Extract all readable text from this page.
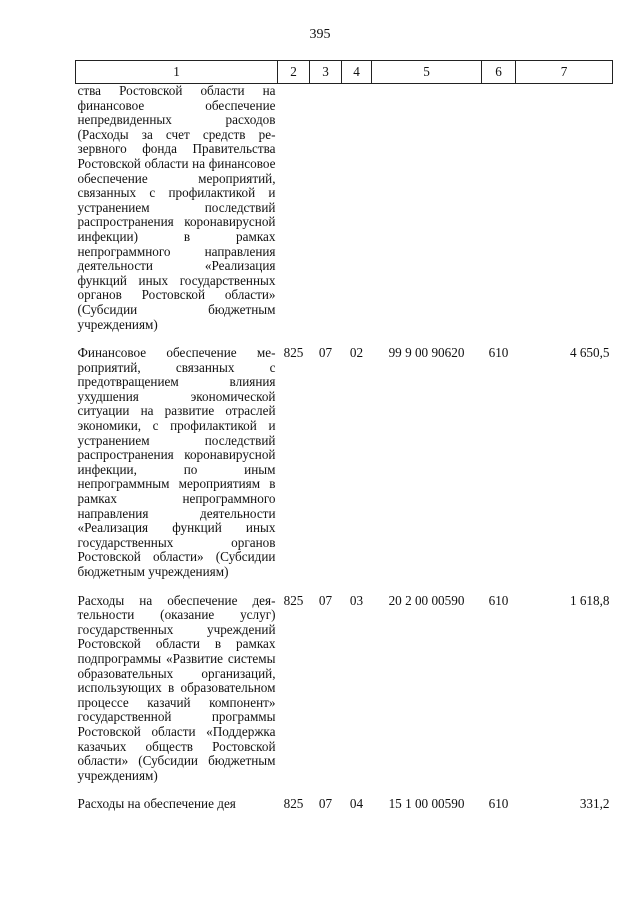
395
1	2	3	4	5	6	7
ства Ростовской области на финансовое обеспечение непредвиденных расходов (Расходы за счет средств резервного фонда Правительства Ростовской области на финансовое обеспечение мероприятий, связанных с профилактикой и устранением последствий распространения коронавирусной инфекции) в рамках непрограммного направления деятельности «Реализация функций иных государственных органов Ростовской области» (Субсидии бюджетным учреждениям)						

Финансовое обеспечение мероприятий, связанных с предотвращением влияния ухудшения экономической ситуации на развитие отраслей экономики, с профилактикой и устранением последствий распространения коронавирусной инфекции, по иным непрограммным мероприятиям в рамках непрограммного направления деятельности «Реализация функций иных государственных органов Ростовской области» (Субсидии бюджетным учреждениям)	825	07	02	99 9 00 90620	610	4 650,5

Расходы на обеспечение деятельности (оказание услуг) государственных учреждений Ростовской области в рамках подпрограммы «Развитие системы образовательных организаций, использующих в образовательном процессе казачий компонент» государственной программы Ростовской области «Поддержка казачьих обществ Ростовской области» (Субсидии бюджетным учреждениям)	825	07	03	20 2 00 00590	610	1 618,8

Расходы на обеспечение дея	825	07	04	15 1 00 00590	610	331,2
